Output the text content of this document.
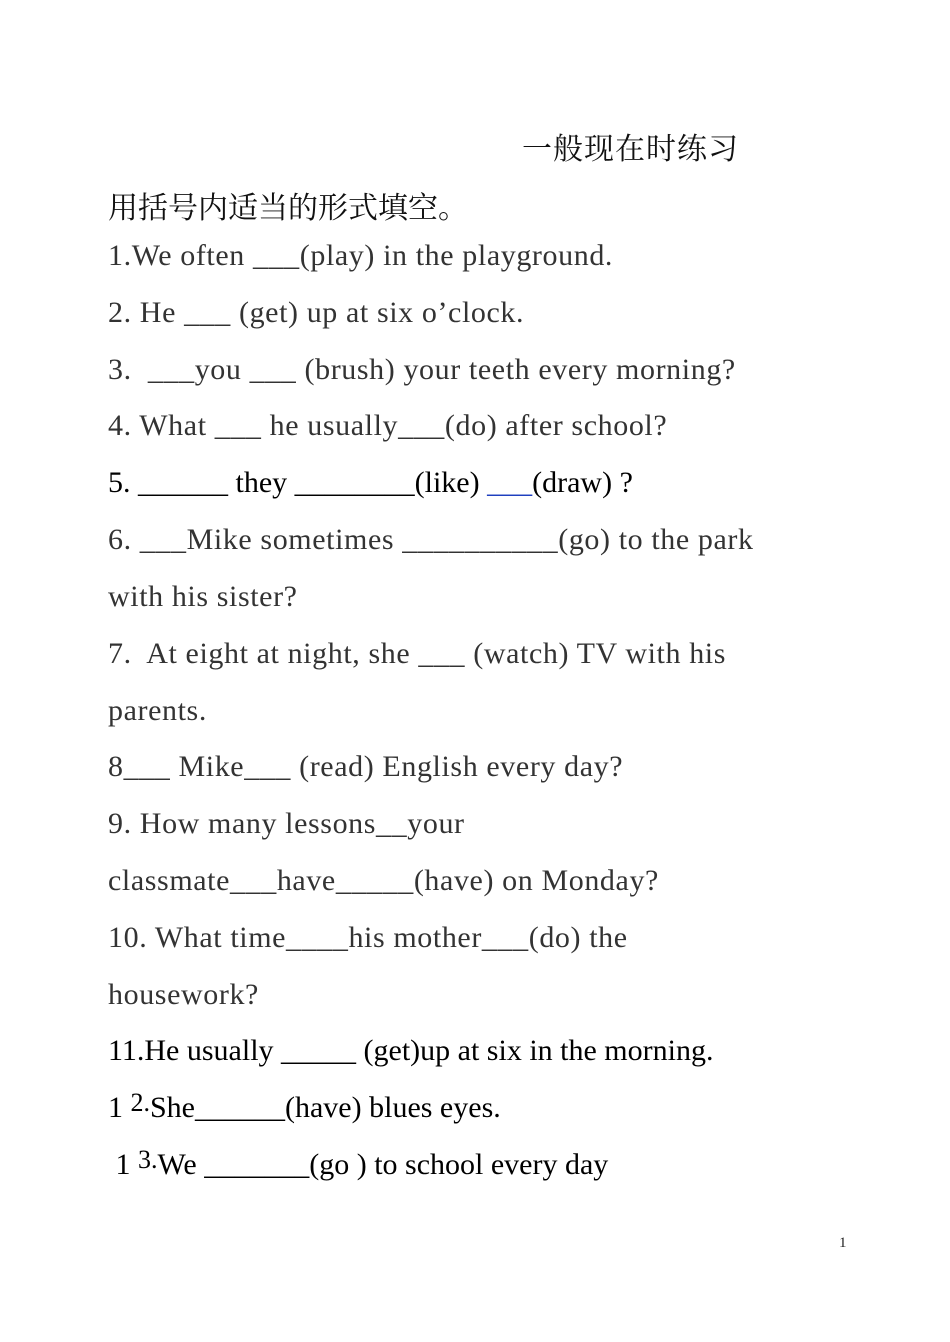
一般现在时练习
用括号内适当的形式填空。
1.We often ___(play) in the playground.
2. He ___ (get) up at six o’clock.
3.  ___you ___ (brush) your teeth every morning?
4. What ___ he usually___(do) after school?
5. ______ they ________(like) ___(draw) ?
6. ___Mike sometimes __________(go) to the park
with his sister?
7.  At eight at night, she ___ (watch) TV with his
parents.
8___ Mike___ (read) English every day?
9. How many lessons__your
classmate___have_____(have) on Monday?
10. What time____his mother___(do) the
housework?
11.He usually _____ (get)up at six in the morning.
1 2.She______(have) blues eyes.
1 3.We _______(go ) to school every day
1
